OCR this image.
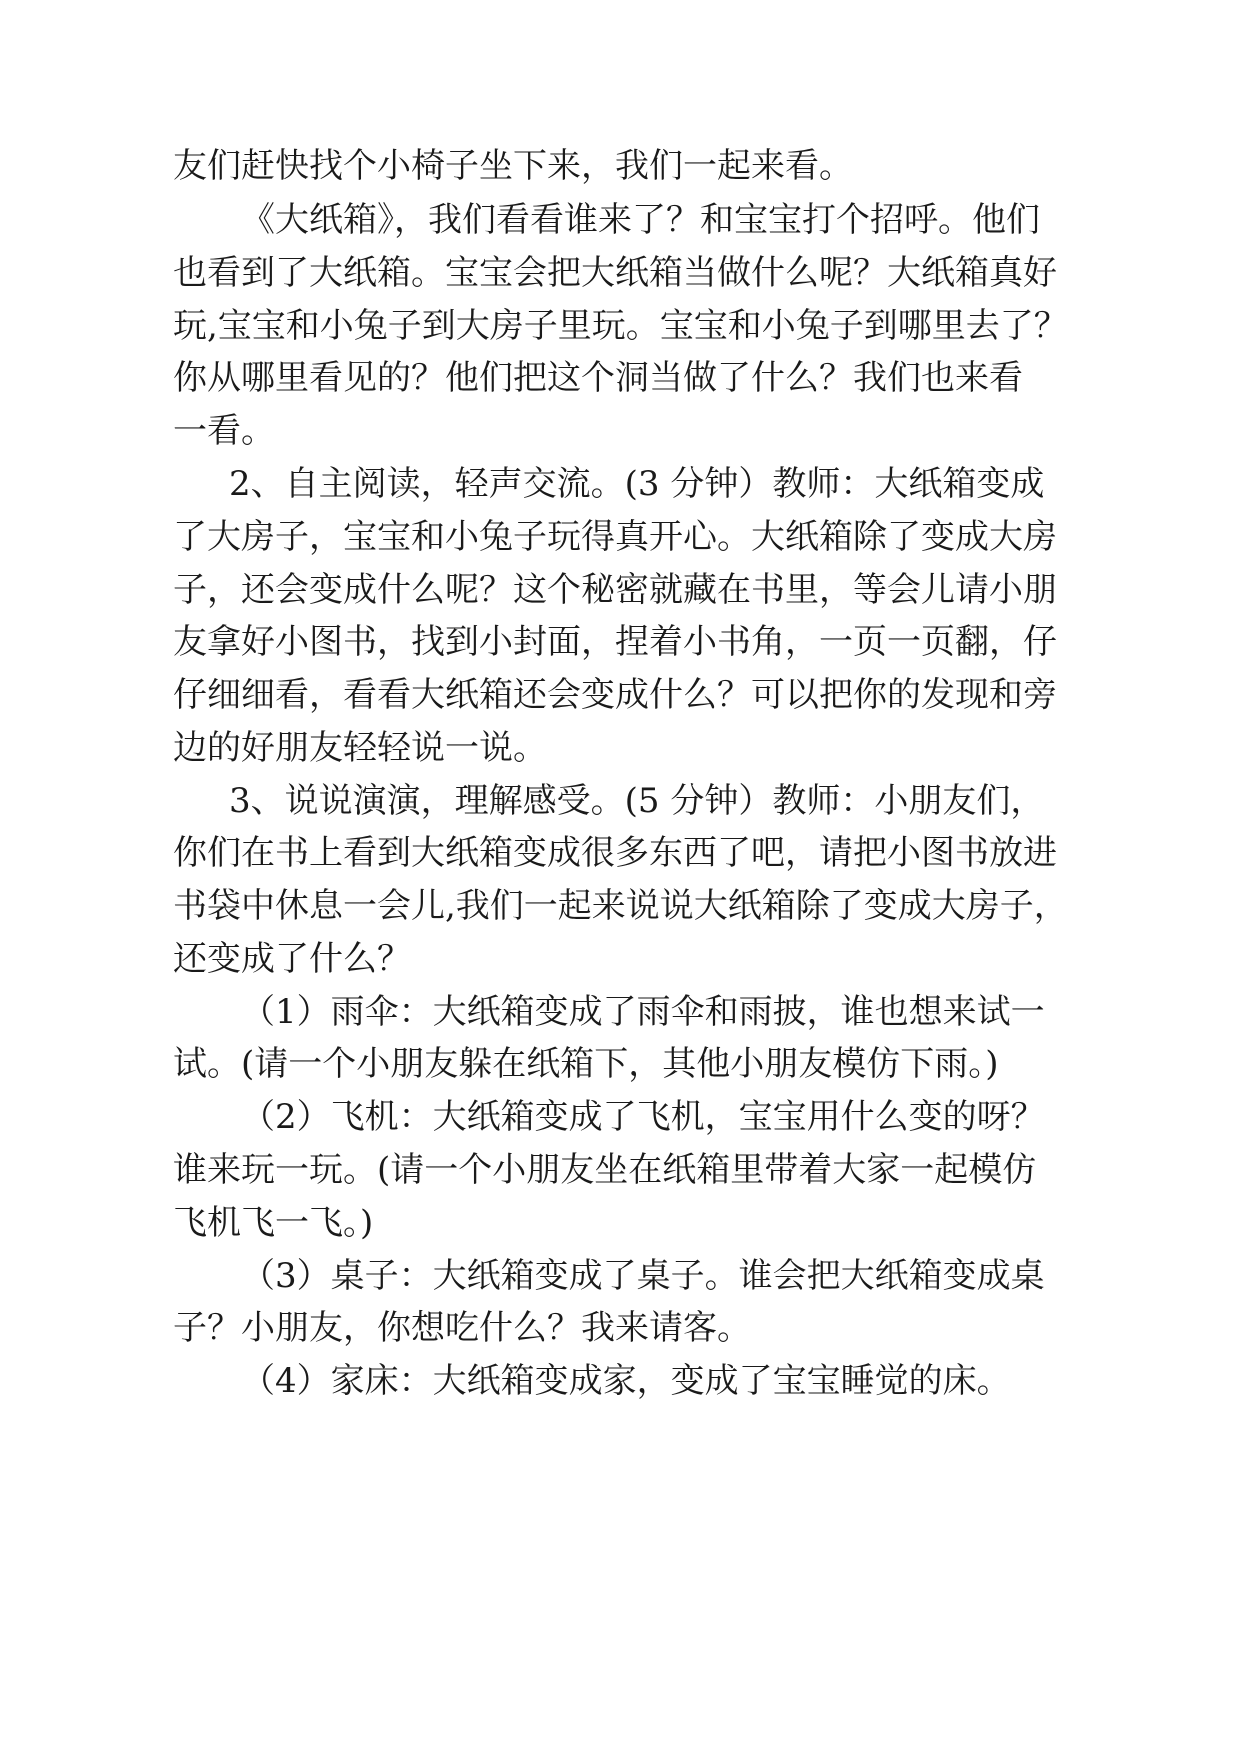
友们赶快找个小椅子坐下来，我们一起来看。
《大纸箱》，我们看看谁来了？和宝宝打个招呼。他们
也看到了大纸箱。宝宝会把大纸箱当做什么呢？大纸箱真好
玩,宝宝和小兔子到大房子里玩。宝宝和小兔子到哪里去了？
你从哪里看见的？他们把这个洞当做了什么？我们也来看
一看。
2、自主阅读，轻声交流。(3 分钟）教师：大纸箱变成
了大房子，宝宝和小兔子玩得真开心。大纸箱除了变成大房
子，还会变成什么呢？这个秘密就藏在书里，等会儿请小朋
友拿好小图书，找到小封面，捏着小书角，一页一页翻，仔
仔细细看，看看大纸箱还会变成什么？可以把你的发现和旁
边的好朋友轻轻说一说。
3、说说演演，理解感受。(5 分钟）教师：小朋友们，
你们在书上看到大纸箱变成很多东西了吧，请把小图书放进
书袋中休息一会儿,我们一起来说说大纸箱除了变成大房子，
还变成了什么？
（1）雨伞：大纸箱变成了雨伞和雨披，谁也想来试一
试。(请一个小朋友躲在纸箱下，其他小朋友模仿下雨。)
（2）飞机：大纸箱变成了飞机，宝宝用什么变的呀？
谁来玩一玩。(请一个小朋友坐在纸箱里带着大家一起模仿
飞机飞一飞。)
（3）桌子：大纸箱变成了桌子。谁会把大纸箱变成桌
子？小朋友，你想吃什么？我来请客。
（4）家床：大纸箱变成家，变成了宝宝睡觉的床。
